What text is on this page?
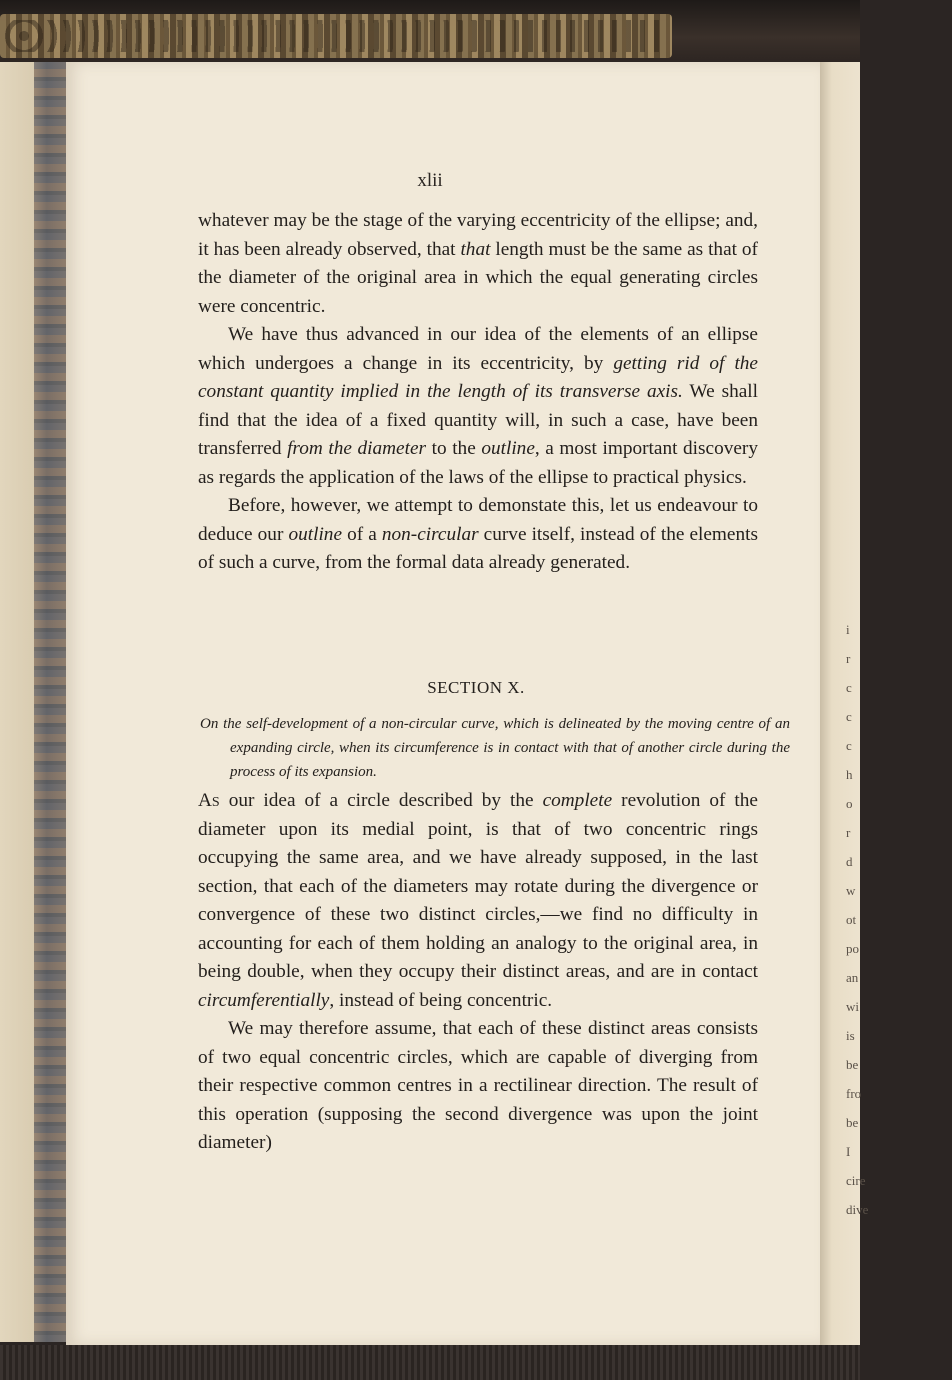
i
r
c
c
c
h
o
r
d
w
ot
po
an
wi
is
be
fro
be
I
cire
dive
xlii

whatever may be the stage of the varying eccentricity of the ellipse; and, it has been already observed, that that length must be the same as that of the diameter of the original area in which the equal generating circles were concentric.

We have thus advanced in our idea of the elements of an ellipse which undergoes a change in its eccentricity, by getting rid of the constant quantity implied in the length of its transverse axis. We shall find that the idea of a fixed quantity will, in such a case, have been transferred from the diameter to the outline, a most important discovery as regards the application of the laws of the ellipse to practical physics.

Before, however, we attempt to demonstate this, let us endeavour to deduce our outline of a non-circular curve itself, instead of the elements of such a curve, from the formal data already generated.

SECTION X.
On the self-development of a non-circular curve, which is delineated by the moving centre of an expanding circle, when its circumference is in contact with that of another circle during the process of its expansion.

As our idea of a circle described by the complete revolution of the diameter upon its medial point, is that of two concentric rings occupying the same area, and we have already supposed, in the last section, that each of the diameters may rotate during the divergence or convergence of these two distinct circles,—we find no difficulty in accounting for each of them holding an analogy to the original area, in being double, when they occupy their distinct areas, and are in contact circumferentially, instead of being concentric.

We may therefore assume, that each of these distinct areas consists of two equal concentric circles, which are capable of diverging from their respective common centres in a rectilinear direction. The result of this operation (supposing the second divergence was upon the joint diameter)
